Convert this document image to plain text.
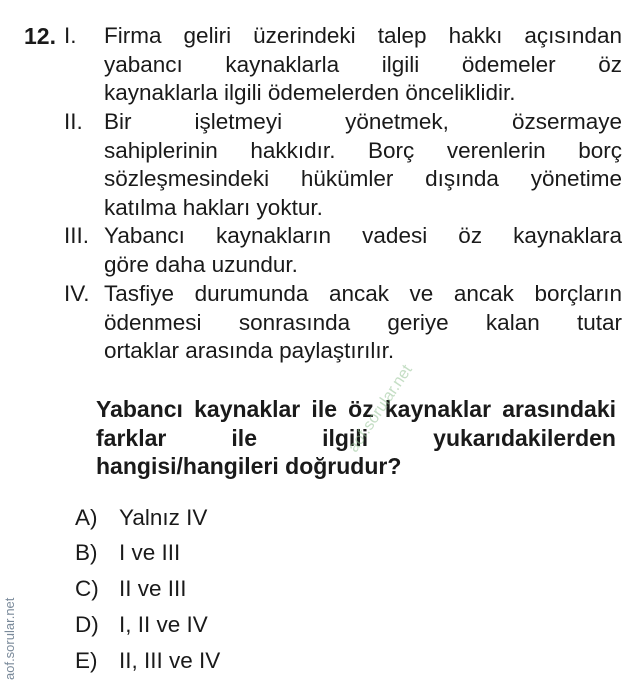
12. I. Firma geliri üzerindeki talep hakkı açısından
yabancı kaynaklarla ilgili ödemeler öz
kaynaklarla ilgili ödemelerden önceliklidir.
II. Bir işletmeyi yönetmek, özsermaye
sahiplerinin hakkıdır. Borç verenlerin borç
sözleşmesindeki hükümler dışında yönetime
katılma hakları yoktur.
III. Yabancı kaynakların vadesi öz kaynaklara
göre daha uzundur.
IV. Tasfiye durumunda ancak ve ancak borçların
ödenmesi sonrasında geriye kalan tutar
ortaklar arasında paylaştırılır.
Yabancı kaynaklar ile öz kaynaklar arasındaki
farklar ile ilgili yukarıdakilerden
hangisi/hangileri doğrudur?
A) Yalnız IV
B) I ve III
C) II ve III
D) I, II ve IV
E) II, III ve IV
aof.sorular.net
aof.sorular.net
